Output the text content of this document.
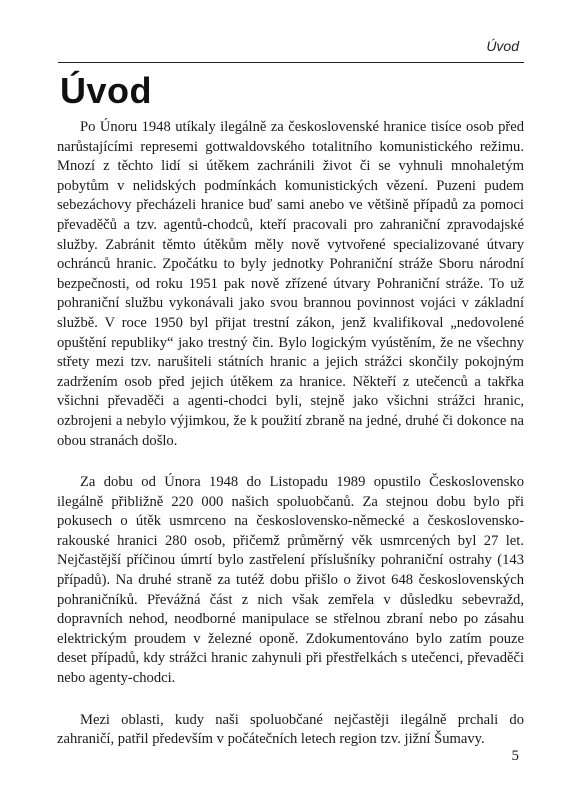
Úvod
Úvod

Po Únoru 1948 utíkaly ilegálně za československé hranice tisíce osob před narůstajícími represemi gottwaldovského totalitního komunistického režimu. Mnozí z těchto lidí si útěkem zachránili život či se vyhnuli mnohaletým pobytům v nelidských podmínkách komunistických vězení. Puzeni pudem sebezáchovy přecházeli hranice buď sami anebo ve většině případů za pomoci převaděčů a tzv. agentů-chodců, kteří pracovali pro zahraniční zpravodajské služby. Zabránit těmto útěkům měly nově vytvořené specializované útvary ochránců hranic. Zpočátku to byly jednotky Pohraniční stráže Sboru národní bezpečnosti, od roku 1951 pak nově zřízené útvary Pohraniční stráže. To už pohraniční službu vykonávali jako svou brannou povinnost vojáci v základní službě. V roce 1950 byl přijat trestní zákon, jenž kvalifikoval „nedovolené opuštění republiky“ jako trestný čin. Bylo logickým vyústěním, že ne všechny střety mezi tzv. narušiteli státních hranic a jejich strážci skončily pokojným zadržením osob před jejich útěkem za hranice. Někteří z utečenců a takřka všichni převaděči a agenti-chodci byli, stejně jako všichni strážci hranic, ozbrojeni a nebylo výjimkou, že k použití zbraně na jedné, druhé či dokonce na obou stranách došlo.

Za dobu od Února 1948 do Listopadu 1989 opustilo Československo ilegálně přibližně 220 000 našich spoluobčanů. Za stejnou dobu bylo při pokusech o útěk usmrceno na československo-německé a československo-rakouské hranici 280 osob, přičemž průměrný věk usmrcených byl 27 let. Nejčastější příčinou úmrtí bylo zastřelení příslušníky pohraniční ostrahy (143 případů). Na druhé straně za tutéž dobu přišlo o život 648 československých pohraničníků. Převážná část z nich však zemřela v důsledku sebevražd, dopravních nehod, neodborné manipulace se střelnou zbraní nebo po zásahu elektrickým proudem v železné oponě. Zdokumentováno bylo zatím pouze deset případů, kdy strážci hranic zahynuli při přestřelkách s utečenci, převaděči nebo agenty-chodci.

Mezi oblasti, kudy naši spoluobčané nejčastěji ilegálně prchali do zahraničí, patřil především v počátečních letech region tzv. jižní Šumavy.

5
